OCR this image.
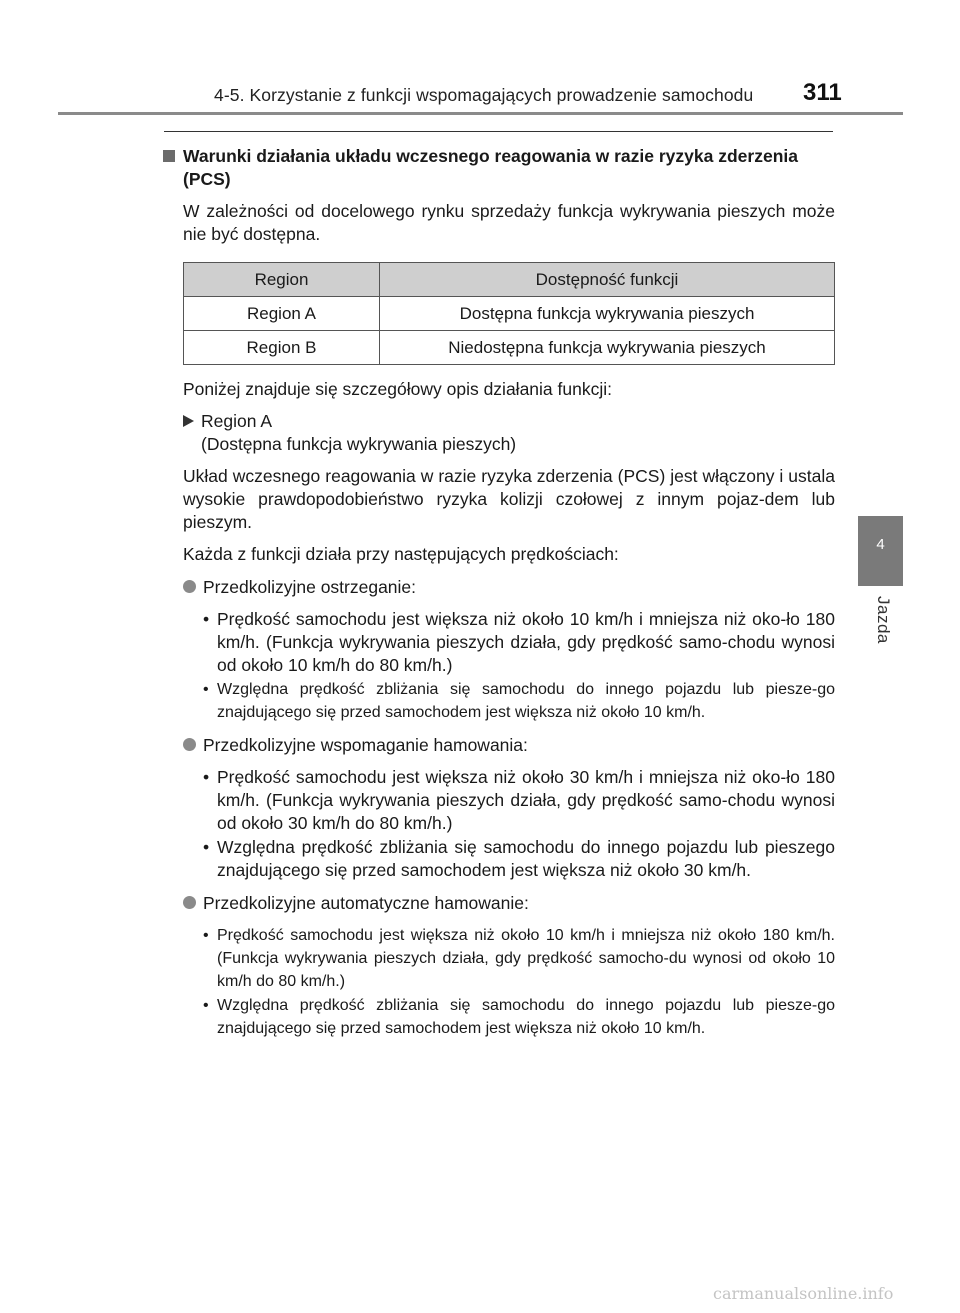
4-5. Korzystanie z funkcji wspomagających prowadzenie samochodu 311
4
Jazda
Warunki działania układu wczesnego reagowania w razie ryzyka zderzenia (PCS)
W zależności od docelowego rynku sprzedaży funkcja wykrywania pieszych może nie być dostępna.
Region	Dostępność funkcji
Region A	Dostępna funkcja wykrywania pieszych
Region B	Niedostępna funkcja wykrywania pieszych
Poniżej znajduje się szczegółowy opis działania funkcji:
Region A
(Dostępna funkcja wykrywania pieszych)
Układ wczesnego reagowania w razie ryzyka zderzenia (PCS) jest włączony i ustala wysokie prawdopodobieństwo ryzyka kolizji czołowej z innym pojaz-dem lub pieszym.
Każda z funkcji działa przy następujących prędkościach:
Przedkolizyjne ostrzeganie:
• Prędkość samochodu jest większa niż około 10 km/h i mniejsza niż oko-ło 180 km/h. (Funkcja wykrywania pieszych działa, gdy prędkość samo-chodu wynosi od około 10 km/h do 80 km/h.)
• Względna prędkość zbliżania się samochodu do innego pojazdu lub piesze-go znajdującego się przed samochodem jest większa niż około 10 km/h.
Przedkolizyjne wspomaganie hamowania:
• Prędkość samochodu jest większa niż około 30 km/h i mniejsza niż oko-ło 180 km/h. (Funkcja wykrywania pieszych działa, gdy prędkość samo-chodu wynosi od około 30 km/h do 80 km/h.)
• Względna prędkość zbliżania się samochodu do innego pojazdu lub pieszego znajdującego się przed samochodem jest większa niż około 30 km/h.
Przedkolizyjne automatyczne hamowanie:
• Prędkość samochodu jest większa niż około 10 km/h i mniejsza niż około 180 km/h. (Funkcja wykrywania pieszych działa, gdy prędkość samocho-du wynosi od około 10 km/h do 80 km/h.)
• Względna prędkość zbliżania się samochodu do innego pojazdu lub piesze-go znajdującego się przed samochodem jest większa niż około 10 km/h.
carmanualsonline.info
